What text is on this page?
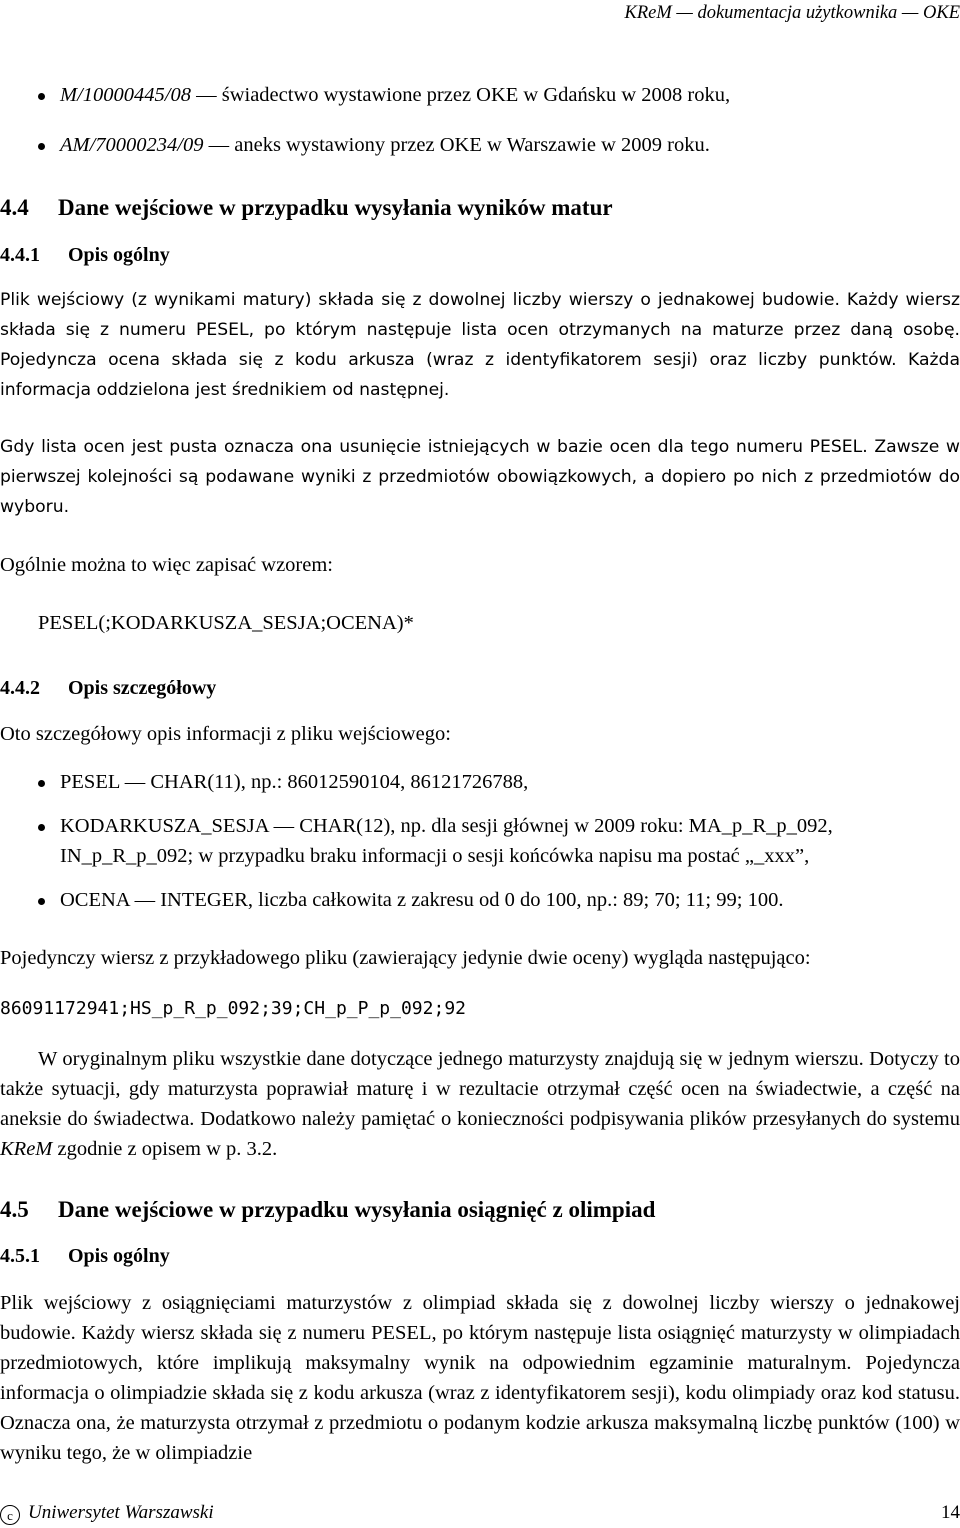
KReM — dokumentacja użytkownika — OKE
M/10000445/08 — świadectwo wystawione przez OKE w Gdańsku w 2008 roku,
AM/70000234/09 — aneks wystawiony przez OKE w Warszawie w 2009 roku.
4.4 Dane wejściowe w przypadku wysyłania wyników matur
4.4.1 Opis ogólny

Plik wejściowy (z wynikami matury) składa się z dowolnej liczby wierszy o jednakowej budowie. Każdy wiersz składa się z numeru PESEL, po którym następuje lista ocen otrzymanych na maturze przez daną osobę. Pojedyncza ocena składa się z kodu arkusza (wraz z identyfikatorem sesji) oraz liczby punktów. Każda informacja oddzielona jest średnikiem od następnej.

Gdy lista ocen jest pusta oznacza ona usunięcie istniejących w bazie ocen dla tego numeru PESEL. Zawsze w pierwszej kolejności są podawane wyniki z przedmiotów obowiązkowych, a dopiero po nich z przedmiotów do wyboru.

Ogólnie można to więc zapisać wzorem:

PESEL(;KODARKUSZA_SESJA;OCENA)*

4.4.2 Opis szczegółowy

Oto szczegółowy opis informacji z pliku wejściowego:

PESEL — CHAR(11), np.: 86012590104, 86121726788,
KODARKUSZA_SESJA — CHAR(12), np. dla sesji głównej w 2009 roku: MA_p_R_p_092, IN_p_R_p_092; w przypadku braku informacji o sesji końcówka napisu ma postać „_xxx”,
OCENA — INTEGER, liczba całkowita z zakresu od 0 do 100, np.: 89; 70; 11; 99; 100.

Pojedynczy wiersz z przykładowego pliku (zawierający jedynie dwie oceny) wygląda następująco:

86091172941;HS_p_R_p_092;39;CH_p_P_p_092;92

W oryginalnym pliku wszystkie dane dotyczące jednego maturzysty znajdują się w jednym wierszu. Dotyczy to także sytuacji, gdy maturzysta poprawiał maturę i w rezultacie otrzymał część ocen na świadectwie, a część na aneksie do świadectwa. Dodatkowo należy pamiętać o konieczności podpisywania plików przesyłanych do systemu KReM zgodnie z opisem w p. 3.2.

4.5 Dane wejściowe w przypadku wysyłania osiągnięć z olimpiad
4.5.1 Opis ogólny

Plik wejściowy z osiągnięciami maturzystów z olimpiad składa się z dowolnej liczby wierszy o jednakowej budowie. Każdy wiersz składa się z numeru PESEL, po którym następuje lista osiągnięć maturzysty w olimpiadach przedmiotowych, które implikują maksymalny wynik na odpowiednim egzaminie maturalnym. Pojedyncza informacja o olimpiadzie składa się z kodu arkusza (wraz z identyfikatorem sesji), kodu olimpiady oraz kod statusu. Oznacza ona, że maturzysta otrzymał z przedmiotu o podanym kodzie arkusza maksymalną liczbę punktów (100) w wyniku tego, że w olimpiadzie

c Uniwersytet Warszawski	14
